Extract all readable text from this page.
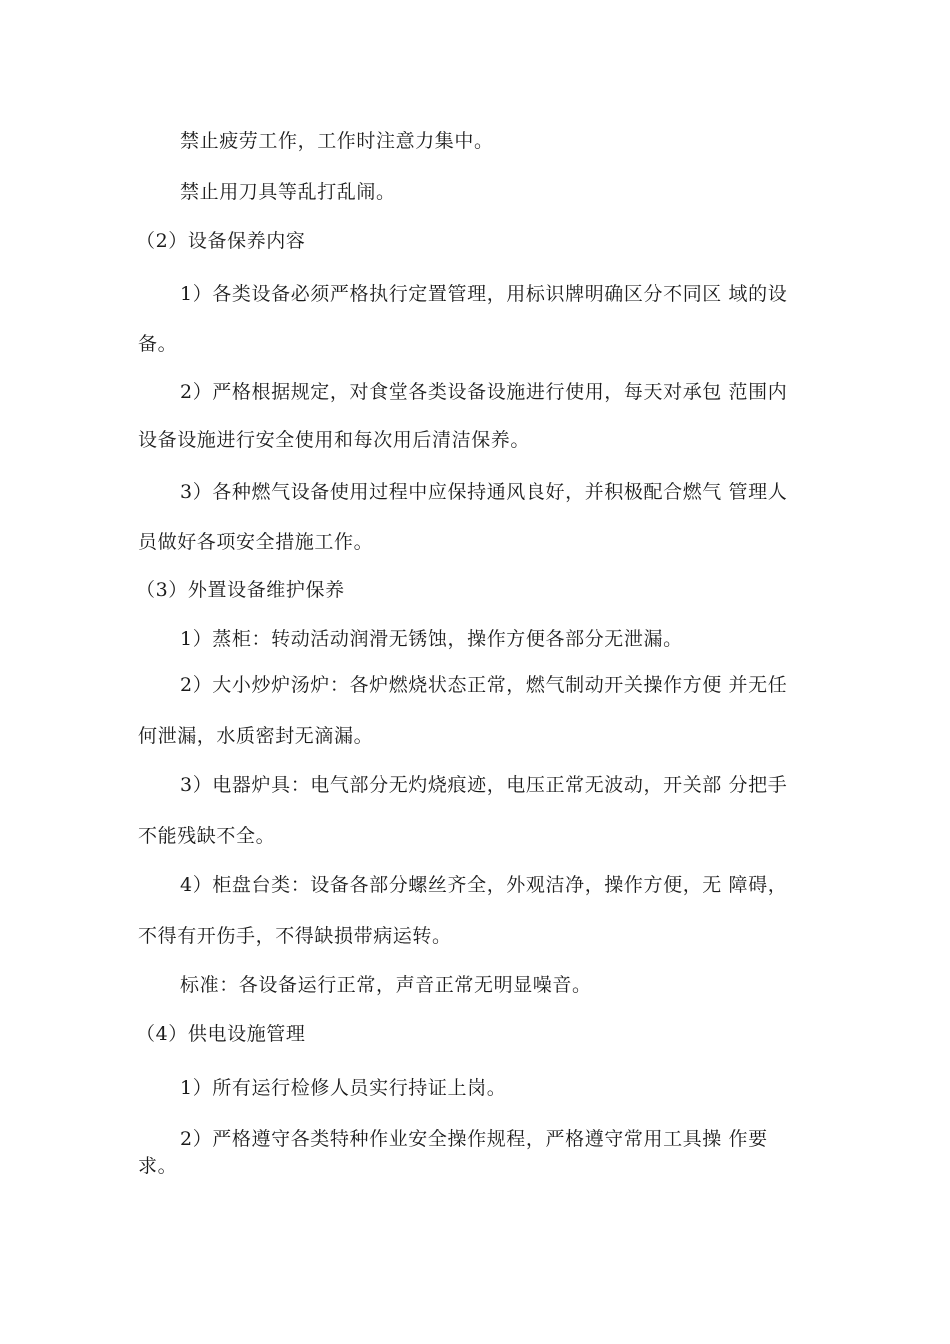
禁止疲劳工作，工作时注意力集中。
禁止用刀具等乱打乱闹。
（2）设备保养内容
1）各类设备必须严格执行定置管理，用标识牌明确区分不同区 域的设
备。
2）严格根据规定，对食堂各类设备设施进行使用，每天对承包 范围内
设备设施进行安全使用和每次用后清洁保养。
3）各种燃气设备使用过程中应保持通风良好，并积极配合燃气 管理人
员做好各项安全措施工作。
（3）外置设备维护保养
1）蒸柜：转动活动润滑无锈蚀，操作方便各部分无泄漏。
2）大小炒炉汤炉：各炉燃烧状态正常，燃气制动开关操作方便 并无任
何泄漏，水质密封无滴漏。
3）电器炉具：电气部分无灼烧痕迹，电压正常无波动，开关部 分把手
不能残缺不全。
4）柜盘台类：设备各部分螺丝齐全，外观洁净，操作方便，无 障碍，
不得有开伤手，不得缺损带病运转。
标准：各设备运行正常，声音正常无明显噪音。
（4）供电设施管理
1）所有运行检修人员实行持证上岗。
2）严格遵守各类特种作业安全操作规程，严格遵守常用工具操 作要
求。
